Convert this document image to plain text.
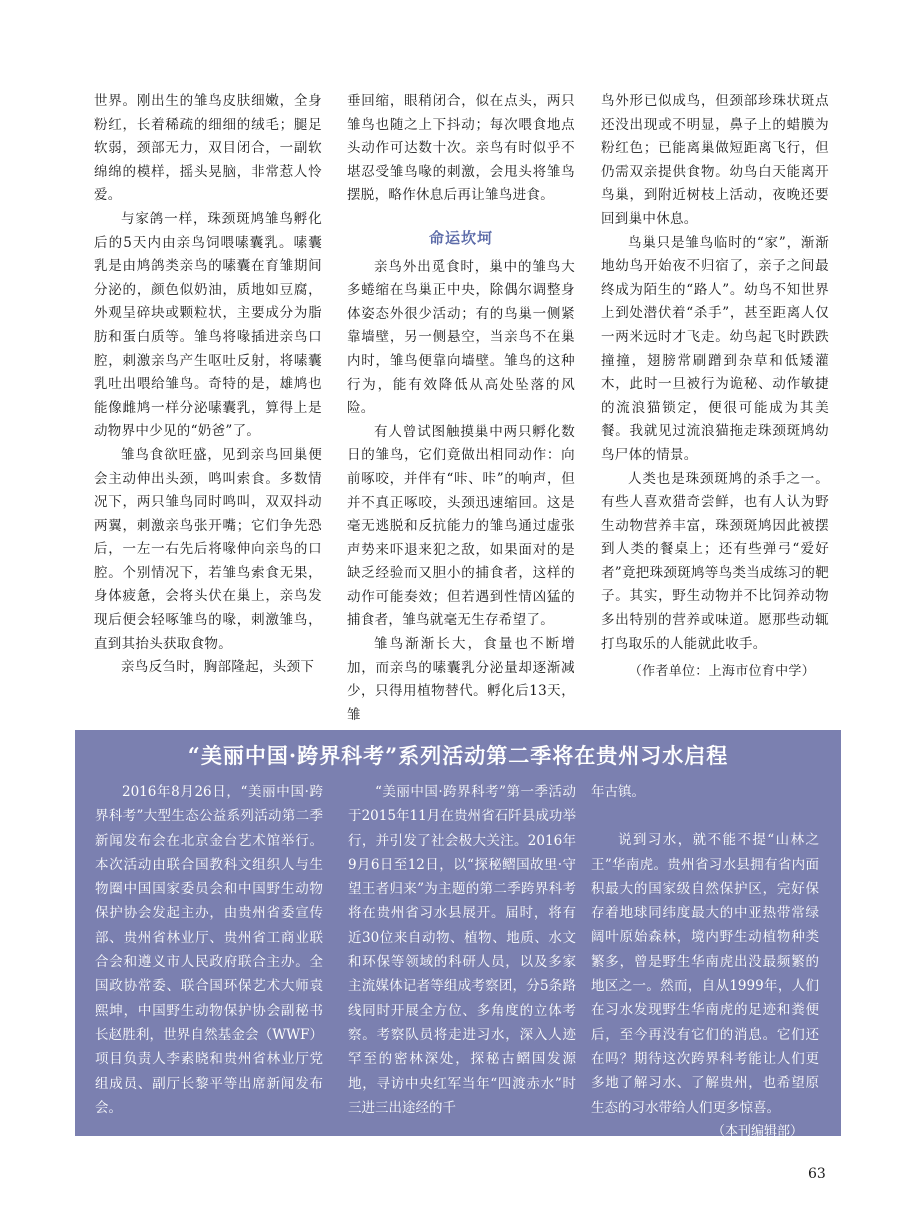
世界。刚出生的雏鸟皮肤细嫩，全身粉红，长着稀疏的细细的绒毛；腿足软弱，颈部无力，双目闭合，一副软绵绵的模样，摇头晃脑，非常惹人怜爱。

与家鸽一样，珠颈斑鸠雏鸟孵化后的5天内由亲鸟饲喂嗉囊乳。嗉囊乳是由鸠鸽类亲鸟的嗉囊在育雏期间分泌的，颜色似奶油，质地如豆腐，外观呈碎块或颗粒状，主要成分为脂肪和蛋白质等。雏鸟将喙插进亲鸟口腔，刺激亲鸟产生呕吐反射，将嗉囊乳吐出喂给雏鸟。奇特的是，雄鸠也能像雌鸠一样分泌嗉囊乳，算得上是动物界中少见的“奶爸”了。

雏鸟食欲旺盛，见到亲鸟回巢便会主动伸出头颈，鸣叫索食。多数情况下，两只雏鸟同时鸣叫，双双抖动两翼，刺激亲鸟张开嘴；它们争先恐后，一左一右先后将喙伸向亲鸟的口腔。个别情况下，若雏鸟索食无果，身体疲惫，会将头伏在巢上，亲鸟发现后便会轻啄雏鸟的喙，刺激雏鸟，直到其抬头获取食物。

亲鸟反刍时，胸部隆起，头颈下

垂回缩，眼稍闭合，似在点头，两只雏鸟也随之上下抖动；每次喂食地点头动作可达数十次。亲鸟有时似乎不堪忍受雏鸟喙的刺激，会甩头将雏鸟摆脱，略作休息后再让雏鸟进食。

命运坎坷

亲鸟外出觅食时，巢中的雏鸟大多蜷缩在鸟巢正中央，除偶尔调整身体姿态外很少活动；有的鸟巢一侧紧靠墙壁，另一侧悬空，当亲鸟不在巢内时，雏鸟便靠向墙壁。雏鸟的这种行为，能有效降低从高处坠落的风险。

有人曾试图触摸巢中两只孵化数日的雏鸟，它们竟做出相同动作：向前啄咬，并伴有“咔、咔”的响声，但并不真正啄咬，头颈迅速缩回。这是毫无逃脱和反抗能力的雏鸟通过虚张声势来吓退来犯之敌，如果面对的是缺乏经验而又胆小的捕食者，这样的动作可能奏效；但若遇到性情凶猛的捕食者，雏鸟就毫无生存希望了。

雏鸟渐渐长大，食量也不断增加，而亲鸟的嗉囊乳分泌量却逐渐减少，只得用植物替代。孵化后13天，雏

鸟外形已似成鸟，但颈部珍珠状斑点还没出现或不明显，鼻子上的蜡膜为粉红色；已能离巢做短距离飞行，但仍需双亲提供食物。幼鸟白天能离开鸟巢，到附近树枝上活动，夜晚还要回到巢中休息。

鸟巢只是雏鸟临时的“家”，渐渐地幼鸟开始夜不归宿了，亲子之间最终成为陌生的“路人”。幼鸟不知世界上到处潜伏着“杀手”，甚至距离人仅一两米远时才飞走。幼鸟起飞时跌跌撞撞，翅膀常刷蹭到杂草和低矮灌木，此时一旦被行为诡秘、动作敏捷的流浪猫锁定，便很可能成为其美餐。我就见过流浪猫拖走珠颈斑鸠幼鸟尸体的情景。

人类也是珠颈斑鸠的杀手之一。有些人喜欢猎奇尝鲜，也有人认为野生动物营养丰富，珠颈斑鸠因此被摆到人类的餐桌上；还有些弹弓“爱好者”竟把珠颈斑鸠等鸟类当成练习的靶子。其实，野生动物并不比饲养动物多出特别的营养或味道。愿那些动辄打鸟取乐的人能就此收手。

（作者单位：上海市位育中学）
“美丽中国·跨界科考”系列活动第二季将在贵州习水启程

2016年8月26日，“美丽中国·跨界科考”大型生态公益系列活动第二季新闻发布会在北京金台艺术馆举行。本次活动由联合国教科文组织人与生物圈中国国家委员会和中国野生动物保护协会发起主办，由贵州省委宣传部、贵州省林业厅、贵州省工商业联合会和遵义市人民政府联合主办。全国政协常委、联合国环保艺术大师袁熙坤，中国野生动物保护协会副秘书长赵胜利，世界自然基金会（WWF）项目负责人李素晓和贵州省林业厅党组成员、副厅长黎平等出席新闻发布会。

“美丽中国·跨界科考”第一季活动于2015年11月在贵州省石阡县成功举行，并引发了社会极大关注。2016年9月6日至12日，以“探秘鳛国故里·守望王者归来”为主题的第二季跨界科考将在贵州省习水县展开。届时，将有近30位来自动物、植物、地质、水文和环保等领域的科研人员，以及多家主流媒体记者等组成考察团，分5条路线同时开展全方位、多角度的立体考察。考察队员将走进习水，深入人迹罕至的密林深处，探秘古鳛国发源地，寻访中央红军当年“四渡赤水”时三进三出途经的千

年古镇。

说到习水，就不能不提“山林之王”华南虎。贵州省习水县拥有省内面积最大的国家级自然保护区，完好保存着地球同纬度最大的中亚热带常绿阔叶原始森林，境内野生动植物种类繁多，曾是野生华南虎出没最频繁的地区之一。然而，自从1999年，人们在习水发现野生华南虎的足迹和粪便后，至今再没有它们的消息。它们还在吗？期待这次跨界科考能让人们更多地了解习水、了解贵州，也希望原生态的习水带给人们更多惊喜。

（本刊编辑部）
63
